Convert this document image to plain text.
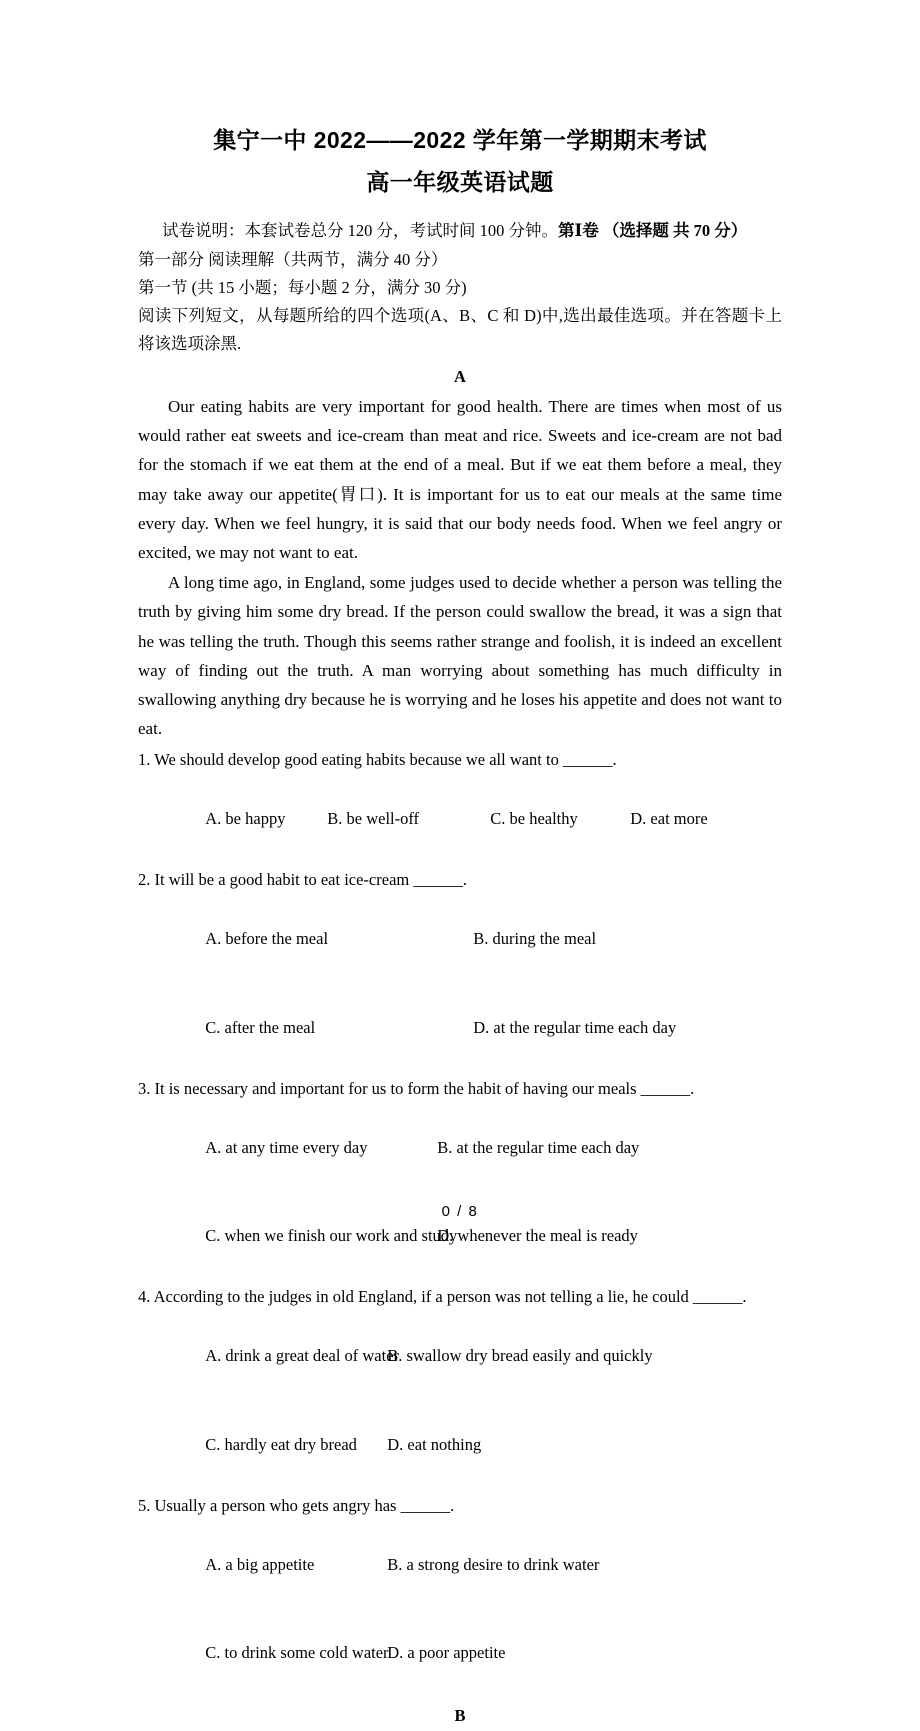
集宁一中 2022——2022 学年第一学期期末考试
高一年级英语试题
试卷说明：本套试卷总分 120 分，考试时间 100 分钟。第Ⅰ卷 （选择题 共 70 分）
第一部分 阅读理解（共两节，满分 40 分）
第一节 (共 15 小题；每小题 2 分，满分 30 分)
阅读下列短文，从每题所给的四个选项(A、B、C 和 D)中,选出最佳选项。并在答题卡上将该选项涂黑.
A

Our eating habits are very important for good health. There are times when most of us would rather eat sweets and ice-cream than meat and rice. Sweets and ice-cream are not bad for the stomach if we eat them at the end of a meal. But if we eat them before a meal, they may take away our appetite(胃口). It is important for us to eat our meals at the same time every day. When we feel hungry, it is said that our body needs food. When we feel angry or excited, we may not want to eat.

A long time ago, in England, some judges used to decide whether a person was telling the truth by giving him some dry bread. If the person could swallow the bread, it was a sign that he was telling the truth. Though this seems rather strange and foolish, it is indeed an excellent way of finding out the truth. A man worrying about something has much difficulty in swallowing anything dry because he is worrying and he loses his appetite and does not want to eat.

1. We should develop good eating habits because we all want to ______.

A. be happy	B. be well-off	C. be healthy	D. eat more

2. It will be a good habit to eat ice-cream ______.

A. before the meal	B. during the meal

C. after the meal	D. at the regular time each day

3. It is necessary and important for us to form the habit of having our meals ______.

A. at any time every day	B. at the regular time each day

C. when we finish our work and studyD. whenever the meal is ready

4. According to the judges in old England, if a person was not telling a lie, he could ______.

A. drink a great deal of waterB. swallow dry bread easily and quickly

C. hardly eat dry bread D. eat nothing

5. Usually a person who gets angry has ______.

A. a big appetite	B. a strong desire to drink water

C. to drink some cold waterD. a poor appetite

B
0 / 8
